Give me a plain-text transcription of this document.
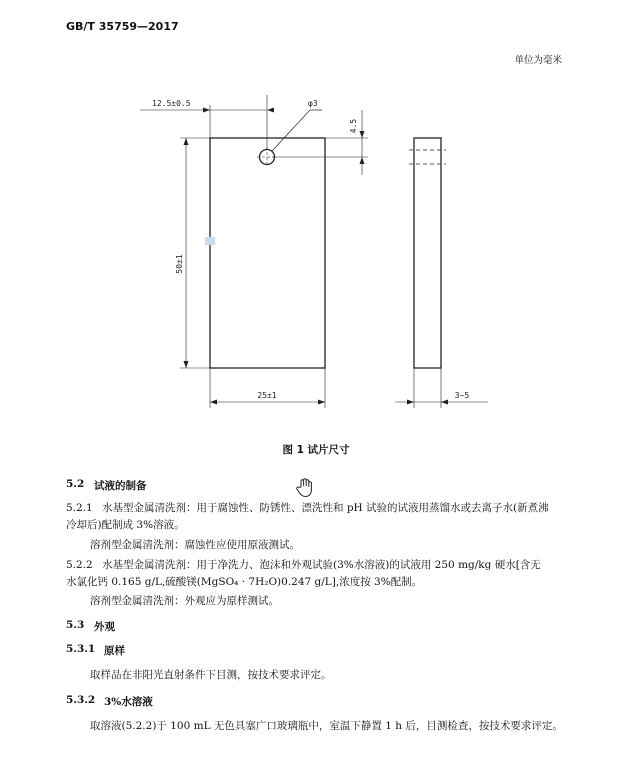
GB/T 35759—2017
单位为毫米
12.5±0.5	φ3
4.5
50±1
25±1	3~5
图 1 试片尺寸
5.2 试液的制备
5.2.1 水基型金属清洗剂：用于腐蚀性、防锈性、漂洗性和 pH 试验的试液用蒸馏水或去离子水(新煮沸
冷却后)配制成 3%溶液。
溶剂型金属清洗剂：腐蚀性应使用原液测试。
5.2.2 水基型金属清洗剂：用于净洗力、泡沫和外观试验(3%水溶液)的试液用 250 mg/kg 硬水[含无
水氯化钙 0.165 g/L,硫酸镁(MgSO₄ · 7H₂O)0.247 g/L],浓度按 3%配制。
溶剂型金属清洗剂：外观应为原样测试。
5.3 外观
5.3.1 原样
取样品在非阳光直射条件下目测，按技术要求评定。
5.3.2 3%水溶液
取溶液(5.2.2)于 100 mL 无色具塞广口玻璃瓶中，室温下静置 1 h 后，目测检查，按技术要求评定。
